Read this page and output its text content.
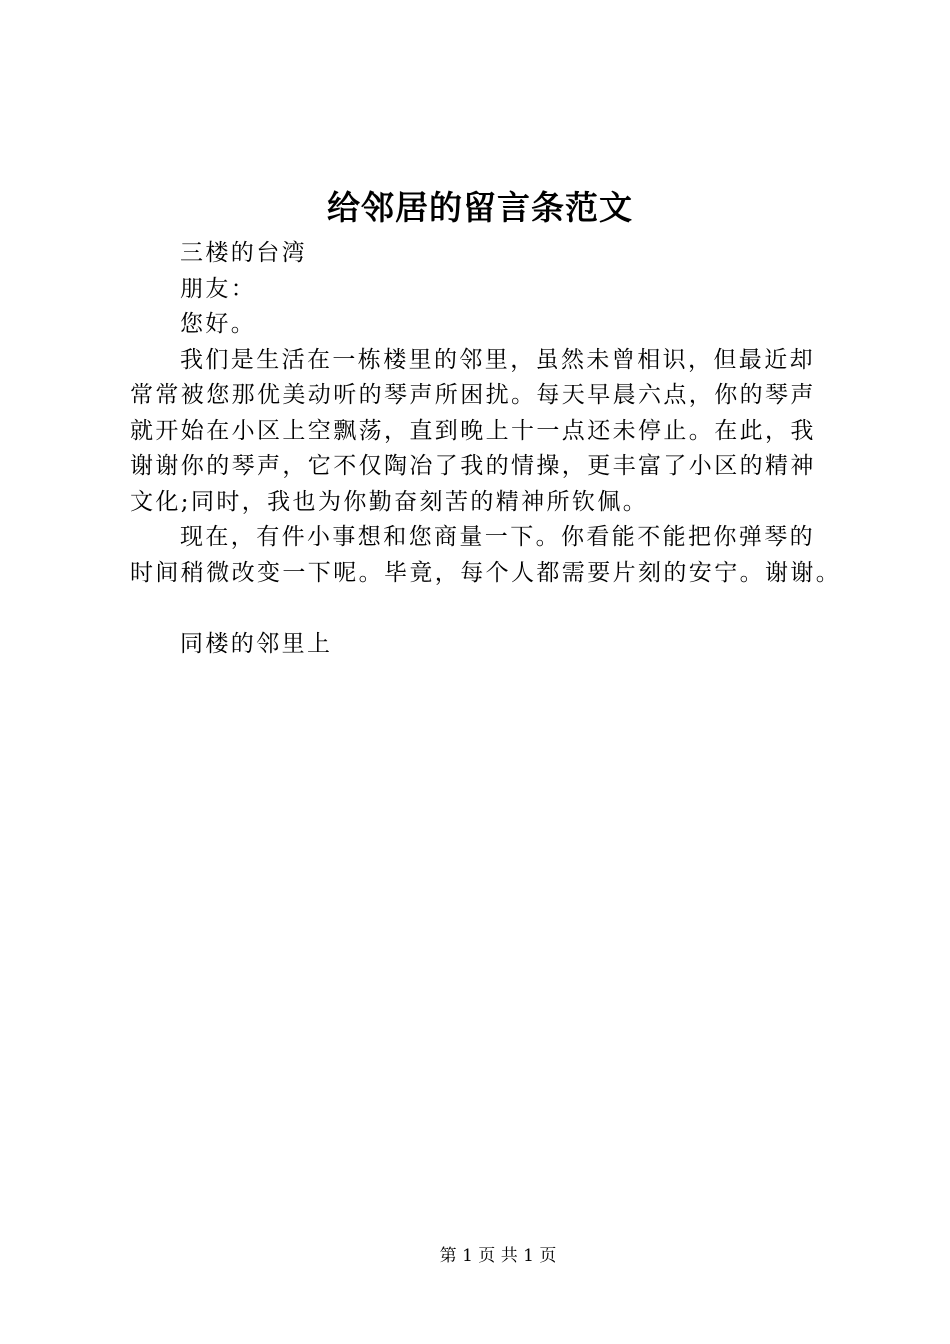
给邻居的留言条范文
三楼的台湾
朋友：
您好。
我们是生活在一栋楼里的邻里，虽然未曾相识，但最近却
常常被您那优美动听的琴声所困扰。每天早晨六点，你的琴声
就开始在小区上空飘荡，直到晚上十一点还未停止。在此，我
谢谢你的琴声，它不仅陶冶了我的情操，更丰富了小区的精神
文化;同时，我也为你勤奋刻苦的精神所钦佩。
现在，有件小事想和您商量一下。你看能不能把你弹琴的
时间稍微改变一下呢。毕竟，每个人都需要片刻的安宁。谢谢。
同楼的邻里上
第 1 页 共 1 页
